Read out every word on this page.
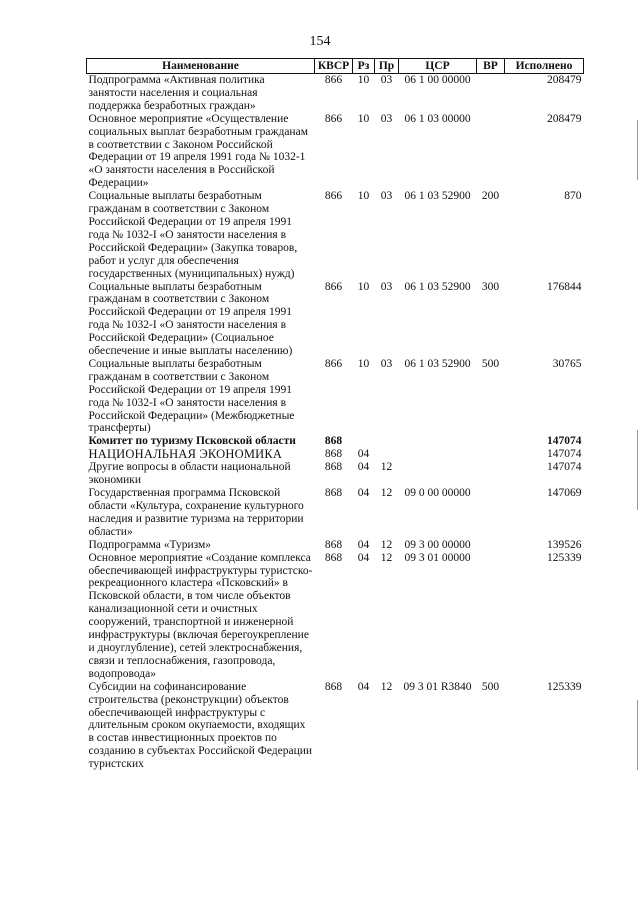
154
Наименование	КВСР	Рз	Пр	ЦСР	ВР	Исполнено
Подпрограмма «Активная политика занятости населения и социальная поддержка безработных граждан»	866	10	03	06 1 00 00000		208479
Основное мероприятие «Осуществление социальных выплат безработным гражданам в соответствии с Законом Российской Федерации от 19 апреля 1991 года № 1032-1 «О занятости населения в Российской Федерации»	866	10	03	06 1 03 00000		208479
Социальные выплаты безработным гражданам в соответствии с Законом Российской Федерации от 19 апреля 1991 года № 1032-I «О занятости населения в Российской Федерации» (Закупка товаров, работ и услуг для обеспечения государственных (муниципальных) нужд)	866	10	03	06 1 03 52900	200	870
Социальные выплаты безработным гражданам в соответствии с Законом Российской Федерации от 19 апреля 1991 года № 1032-I «О занятости населения в Российской Федерации» (Социальное обеспечение и иные выплаты населению)	866	10	03	06 1 03 52900	300	176844
Социальные выплаты безработным гражданам в соответствии с Законом Российской Федерации от 19 апреля 1991 года № 1032-I «О занятости населения в Российской Федерации» (Межбюджетные трансферты)	866	10	03	06 1 03 52900	500	30765
Комитет по туризму Псковской области	868					147074
НАЦИОНАЛЬНАЯ ЭКОНОМИКА	868	04				147074
Другие вопросы в области национальной экономики	868	04	12			147074
Государственная программа Псковской области «Культура, сохранение культурного наследия и развитие туризма на территории области»	868	04	12	09 0 00 00000		147069
Подпрограмма «Туризм»	868	04	12	09 3 00 00000		139526
Основное мероприятие «Создание комплекса обеспечивающей инфраструктуры туристско-рекреационного кластера «Псковский» в Псковской области, в том числе объектов канализационной сети и очистных сооружений, транспортной и инженерной инфраструктуры (включая берегоукрепление и дноуглубление), сетей электроснабжения, связи и теплоснабжения, газопровода, водопровода»	868	04	12	09 3 01 00000		125339
Субсидии на софинансирование строительства (реконструкции) объектов обеспечивающей инфраструктуры с длительным сроком окупаемости, входящих в состав инвестиционных проектов по созданию в субъектах Российской Федерации туристских	868	04	12	09 3 01 R3840	500	125339
